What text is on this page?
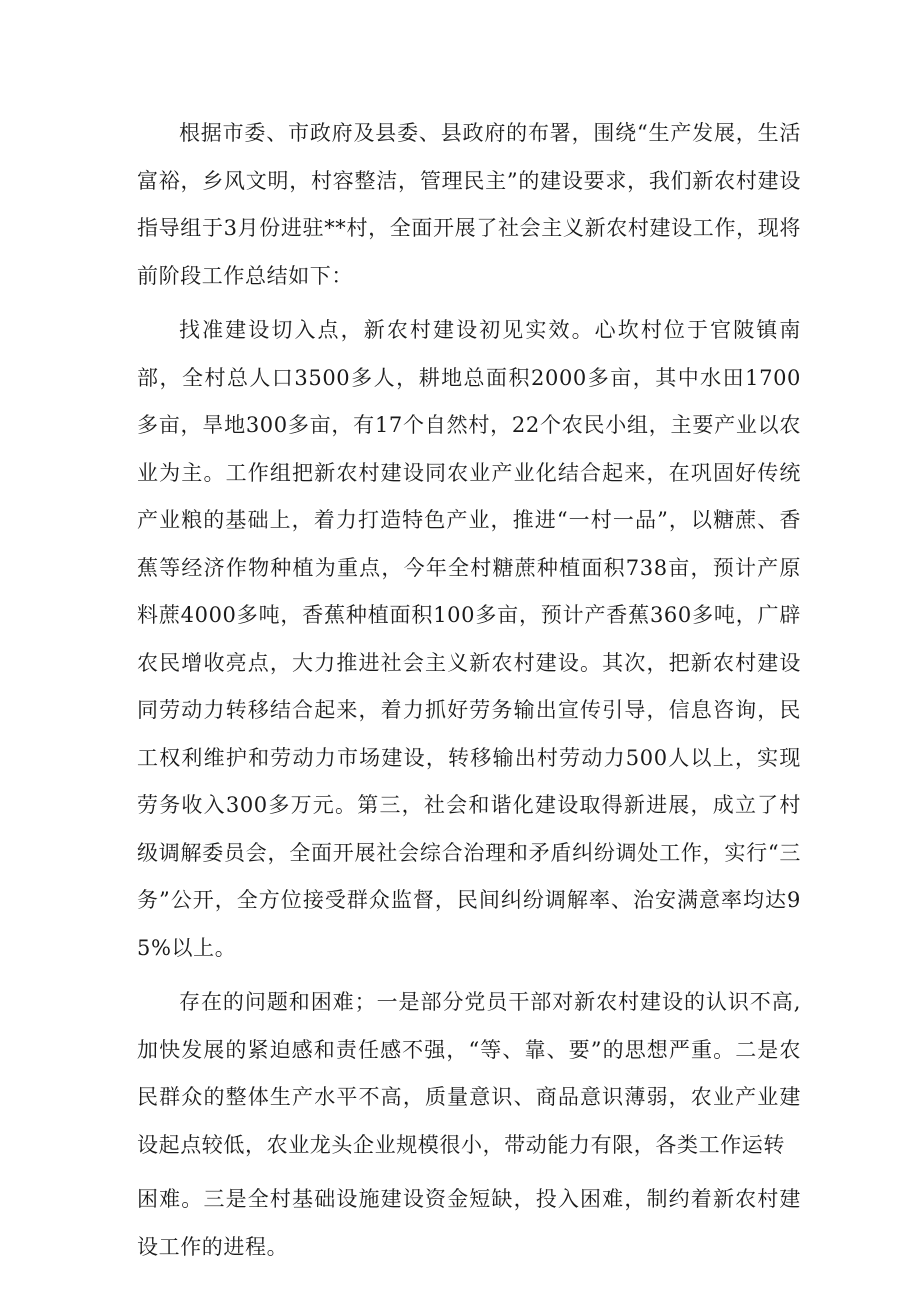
根据市委、市政府及县委、县政府的布署，围绕“生产发展，生活富裕，乡风文明，村容整洁，管理民主”的建设要求，我们新农村建设指导组于3月份进驻**村，全面开展了社会主义新农村建设工作，现将前阶段工作总结如下：

找准建设切入点，新农村建设初见实效。心坎村位于官陂镇南部，全村总人口3500多人，耕地总面积2000多亩，其中水田1700多亩，旱地300多亩，有17个自然村，22个农民小组，主要产业以农业为主。工作组把新农村建设同农业产业化结合起来，在巩固好传统产业粮的基础上，着力打造特色产业，推进“一村一品”，以糖蔗、香蕉等经济作物种植为重点，今年全村糖蔗种植面积738亩，预计产原料蔗4000多吨，香蕉种植面积100多亩，预计产香蕉360多吨，广辟农民增收亮点，大力推进社会主义新农村建设。其次，把新农村建设同劳动力转移结合起来，着力抓好劳务输出宣传引导，信息咨询，民工权利维护和劳动力市场建设，转移输出村劳动力500人以上，实现劳务收入300多万元。第三，社会和谐化建设取得新进展，成立了村级调解委员会，全面开展社会综合治理和矛盾纠纷调处工作，实行“三务”公开，全方位接受群众监督，民间纠纷调解率、治安满意率均达95%以上。

存在的问题和困难；一是部分党员干部对新农村建设的认识不高,加快发展的紧迫感和责任感不强，“等、靠、要”的思想严重。二是农民群众的整体生产水平不高，质量意识、商品意识薄弱，农业产业建设起点较低，农业龙头企业规模很小，带动能力有限，各类工作运转

困难。三是全村基础设施建设资金短缺，投入困难，制约着新农村建设工作的进程。
